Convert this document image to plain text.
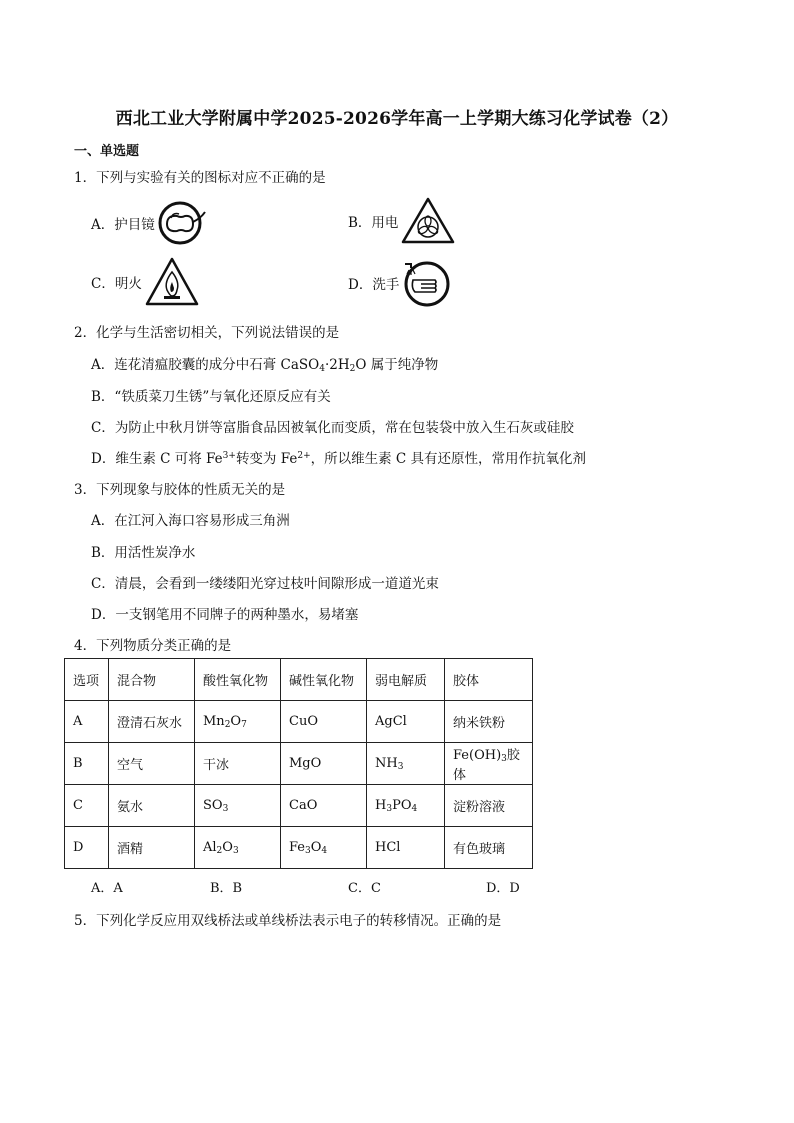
西北工业大学附属中学2025-2026学年高一上学期大练习化学试卷（2）
一、单选题
1．下列与实验有关的图标对应不正确的是
A．护目镜	B．用电
C．明火	D．洗手
2．化学与生活密切相关，下列说法错误的是
A．连花清瘟胶囊的成分中石膏 $CaSO_4\cdot 2H_2O$ 属于纯净物
B．“铁质菜刀生锈”与氧化还原反应有关
C．为防止中秋月饼等富脂食品因被氧化而变质，常在包装袋中放入生石灰或硅胶
D．维生素 C 可将 $Fe^{3+}$转变为 $Fe^{2+}$，所以维生素 C 具有还原性，常用作抗氧化剂
3．下列现象与胶体的性质无关的是
A．在江河入海口容易形成三角洲
B．用活性炭净水
C．清晨，会看到一缕缕阳光穿过枝叶间隙形成一道道光束
D．一支钢笔用不同牌子的两种墨水，易堵塞
4．下列物质分类正确的是
选项	混合物	酸性氧化物	碱性氧化物	弱电解质	胶体
A	澄清石灰水	$Mn_2O_7$	CuO	AgCl	纳米铁粉
B	空气	干冰	MgO	$NH_3$	$Fe(OH)_3$胶体
C	氨水	$SO_3$	CaO	$H_3PO_4$	淀粉溶液
D	酒精	$Al_2O_3$	$Fe_3O_4$	HCl	有色玻璃
A．A	B．B	C．C	D．D
5．下列化学反应用双线桥法或单线桥法表示电子的转移情况。正确的是
